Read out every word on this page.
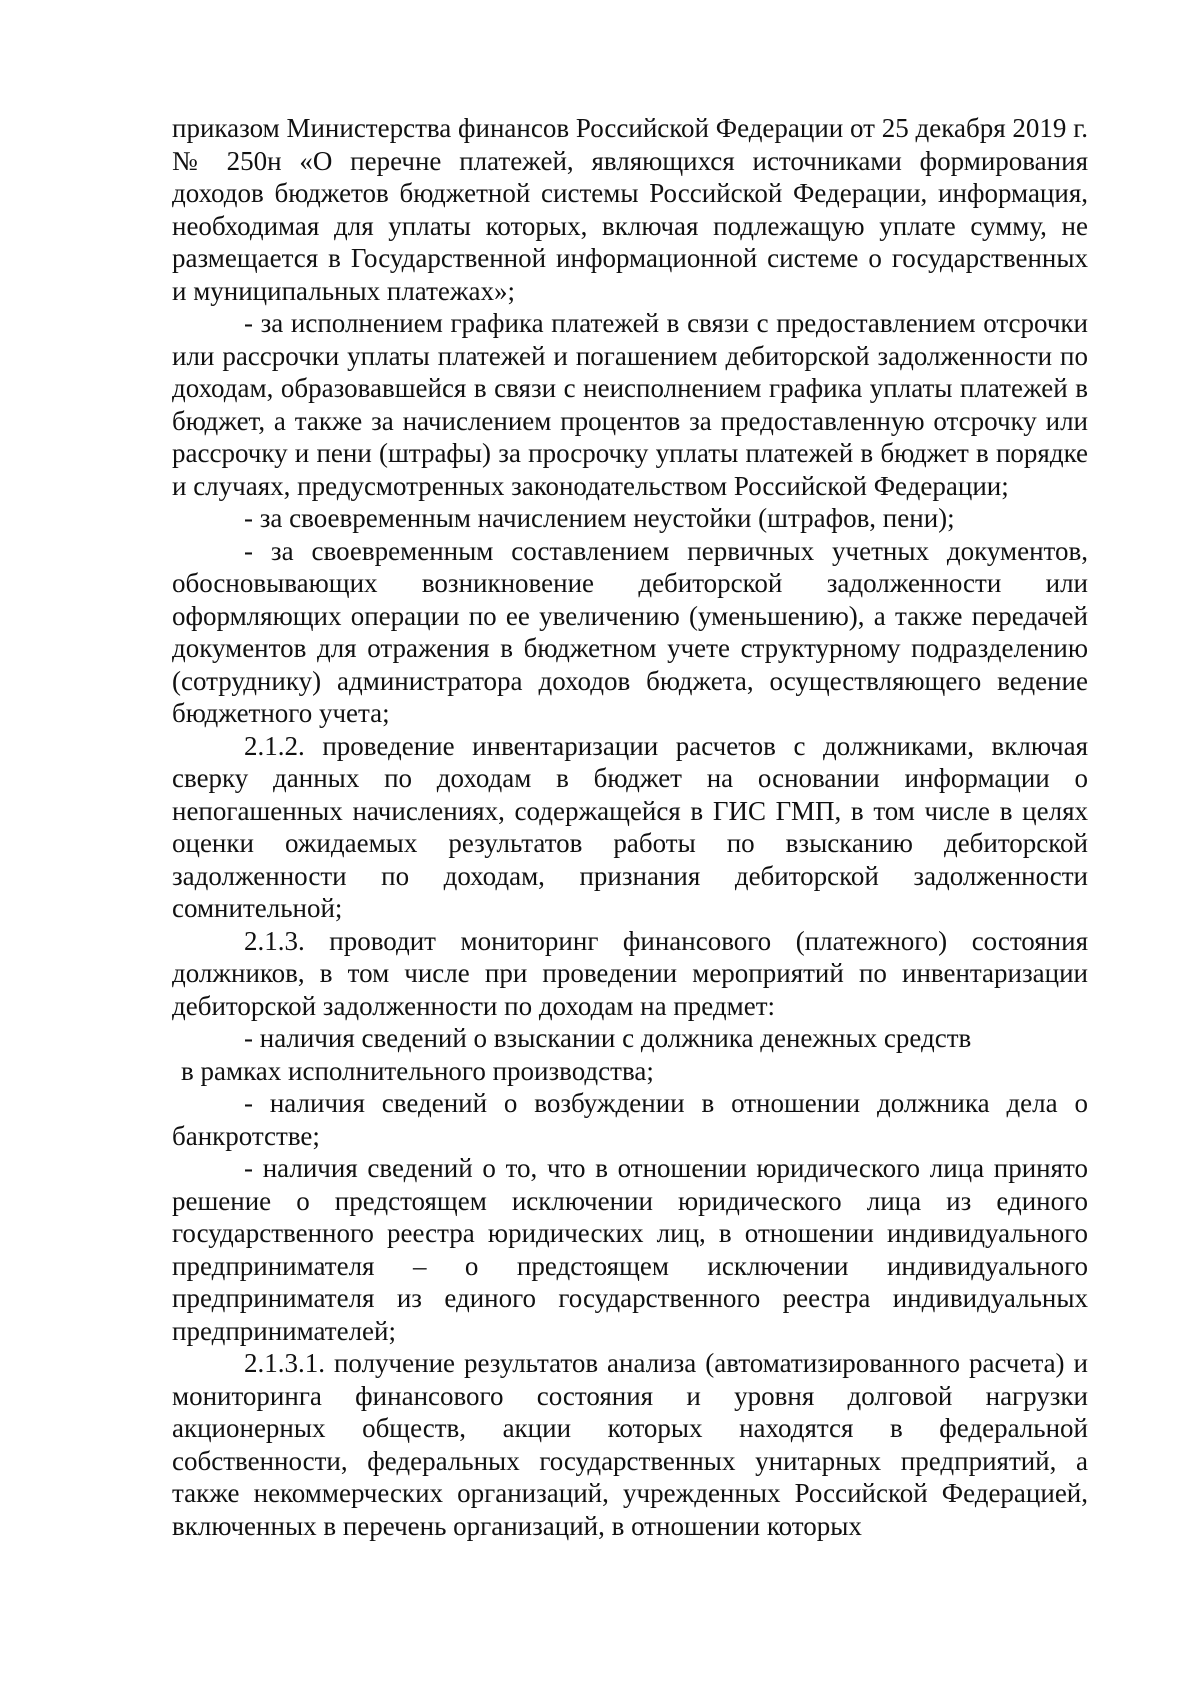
приказом Министерства финансов Российской Федерации от 25 декабря 2019 г. № 250н «О перечне платежей, являющихся источниками формирования доходов бюджетов бюджетной системы Российской Федерации, информация, необходимая для уплаты которых, включая подлежащую уплате сумму, не размещается в Государственной информационной системе о государственных и муниципальных платежах»;

- за исполнением графика платежей в связи с предоставлением отсрочки или рассрочки уплаты платежей и погашением дебиторской задолженности по доходам, образовавшейся в связи с неисполнением графика уплаты платежей в бюджет, а также за начислением процентов за предоставленную отсрочку или рассрочку и пени (штрафы) за просрочку уплаты платежей в бюджет в порядке и случаях, предусмотренных законодательством Российской Федерации;

- за своевременным начислением неустойки (штрафов, пени);

- за своевременным составлением первичных учетных документов, обосновывающих возникновение дебиторской задолженности или оформляющих операции по ее увеличению (уменьшению), а также передачей документов для отражения в бюджетном учете структурному подразделению (сотруднику) администратора доходов бюджета, осуществляющего ведение бюджетного учета;

2.1.2. проведение инвентаризации расчетов с должниками, включая сверку данных по доходам в бюджет на основании информации о непогашенных начислениях, содержащейся в ГИС ГМП, в том числе в целях оценки ожидаемых результатов работы по взысканию дебиторской задолженности по доходам, признания дебиторской задолженности сомнительной;

2.1.3. проводит мониторинг финансового (платежного) состояния должников, в том числе при проведении мероприятий по инвентаризации дебиторской задолженности по доходам на предмет:

- наличия сведений о взыскании с должника денежных средств

в рамках исполнительного производства;

- наличия сведений о возбуждении в отношении должника дела о банкротстве;

- наличия сведений о то, что в отношении юридического лица принято решение о предстоящем исключении юридического лица из единого государственного реестра юридических лиц, в отношении индивидуального предпринимателя – о предстоящем исключении индивидуального предпринимателя из единого государственного реестра индивидуальных предпринимателей;

2.1.3.1. получение результатов анализа (автоматизированного расчета) и мониторинга финансового состояния и уровня долговой нагрузки акционерных обществ, акции которых находятся в федеральной собственности, федеральных государственных унитарных предприятий, а также некоммерческих организаций, учрежденных Российской Федерацией, включенных в перечень организаций, в отношении которых
